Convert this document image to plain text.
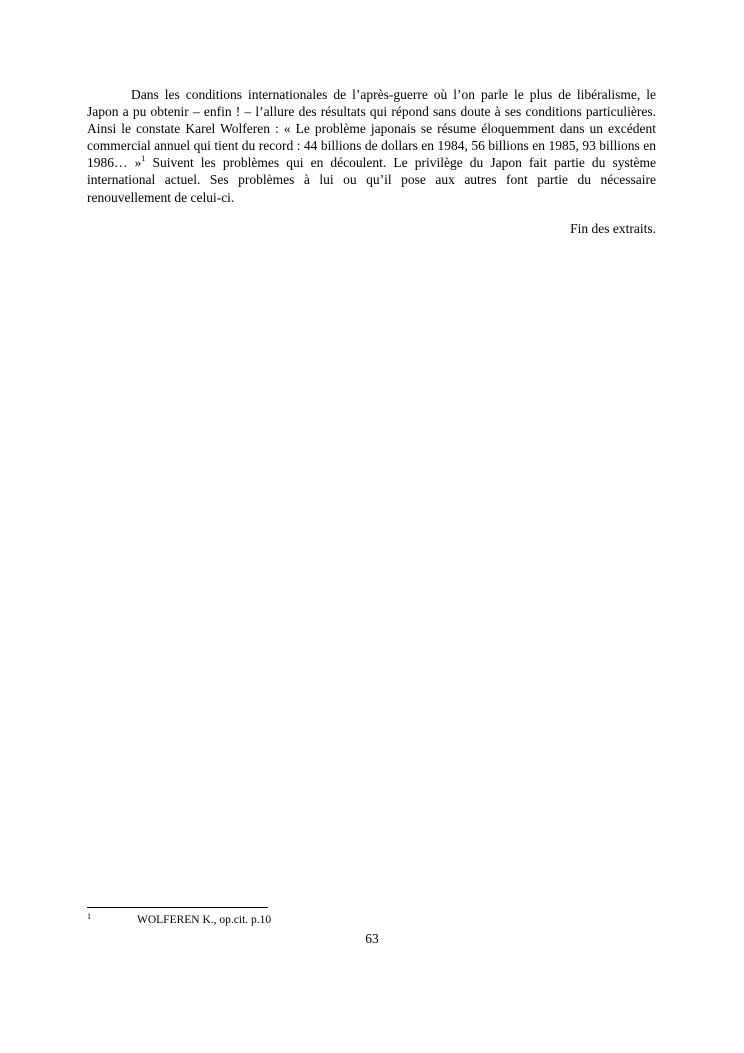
Dans les conditions internationales de l’après-guerre où l’on parle le plus de libéralisme, le Japon a pu obtenir – enfin ! – l’allure des résultats qui répond sans doute à ses conditions particulières. Ainsi le constate Karel Wolferen : « Le problème japonais se résume éloquemment dans un excédent commercial annuel qui tient du record : 44 billions de dollars en 1984, 56 billions en 1985, 93 billions en 1986… »$^1$ Suivent les problèmes qui en découlent. Le privilège du Japon fait partie du système international actuel. Ses problèmes à lui ou qu’il pose aux autres font partie du nécessaire renouvellement de celui-ci.

Fin des extraits.

1	WOLFEREN K., op.cit. p.10

63
